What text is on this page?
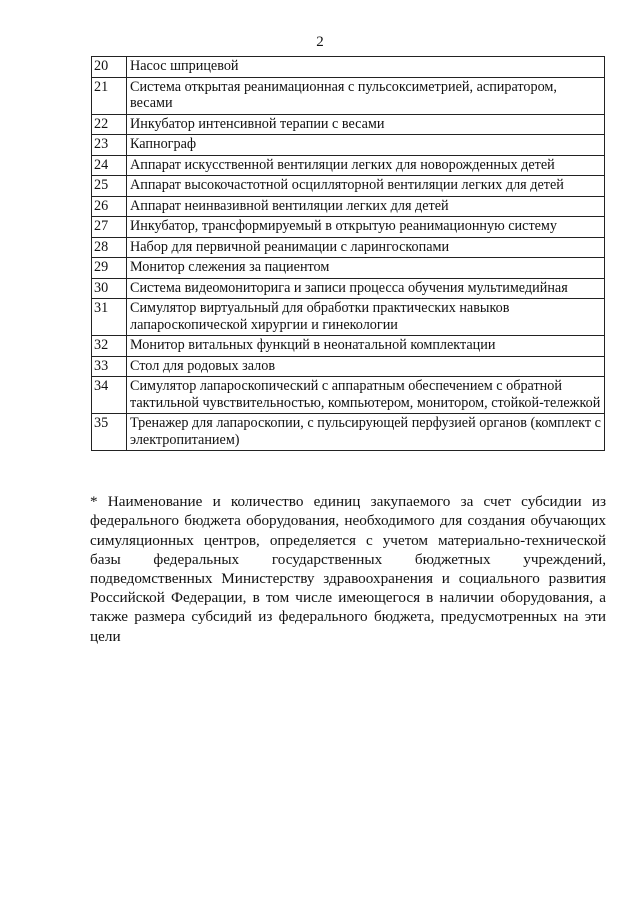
2
20	Насос шприцевой
21	Система открытая реанимационная с пульсоксиметрией, аспиратором, весами
22	Инкубатор интенсивной терапии с весами
23	Капнограф
24	Аппарат искусственной вентиляции легких для новорожденных детей
25	Аппарат высокочастотной осцилляторной вентиляции легких для детей
26	Аппарат неинвазивной вентиляции легких для детей
27	Инкубатор, трансформируемый в открытую реанимационную систему
28	Набор для первичной реанимации с ларингоскопами
29	Монитор слежения за пациентом
30	Система видеомониторига и записи процесса обучения мультимедийная
31	Симулятор виртуальный для обработки практических навыков лапароскопической хирургии и гинекологии
32	Монитор витальных функций в неонатальной комплектации
33	Стол для родовых залов
34	Симулятор лапароскопический с аппаратным обеспечением с обратной тактильной чувствительностью, компьютером, монитором, стойкой-тележкой
35	Тренажер для лапароскопии, с пульсирующей перфузией органов (комплект с электропитанием)

* Наименование и количество единиц закупаемого за счет субсидии из федерального бюджета оборудования, необходимого для создания обучающих симуляционных центров, определяется с учетом материально-технической базы федеральных государственных бюджетных учреждений, подведомственных Министерству здравоохранения и социального развития Российской Федерации, в том числе имеющегося в наличии оборудования, а также размера субсидий из федерального бюджета, предусмотренных на эти цели
